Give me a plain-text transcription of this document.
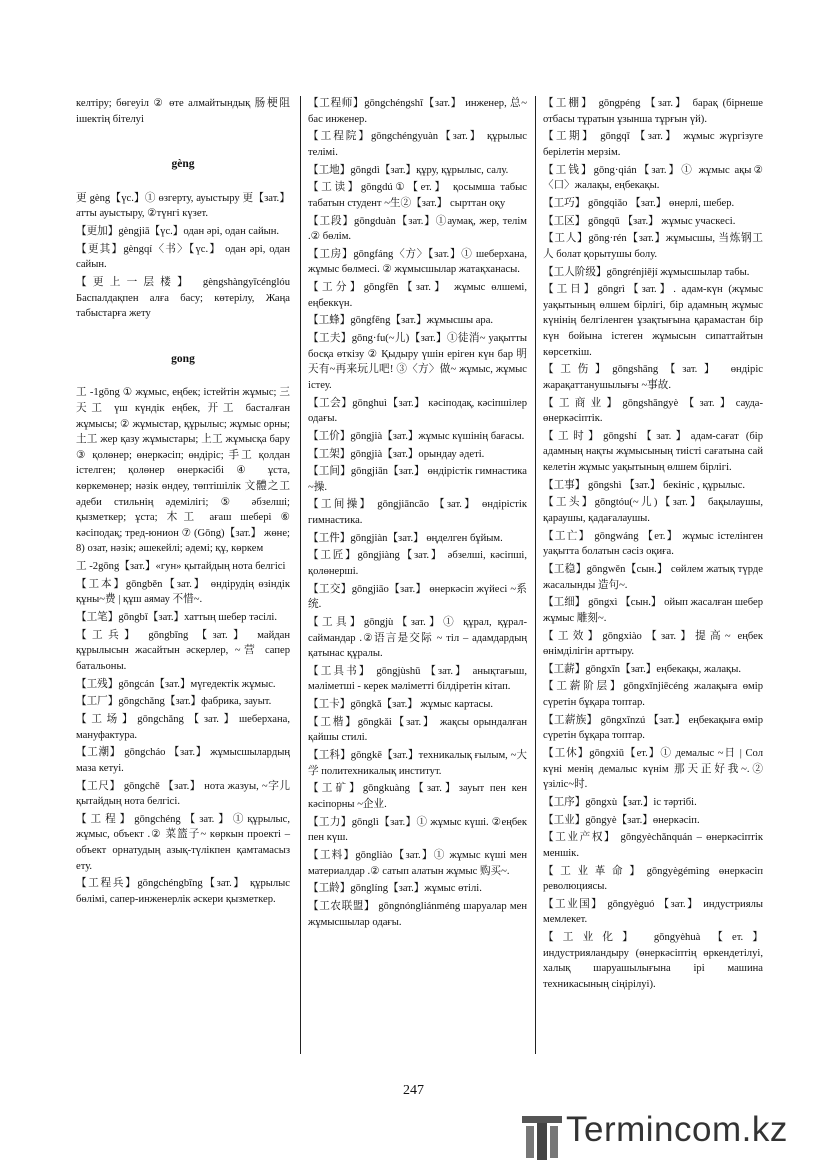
келтіру; бөгеуіл ② өте алмайтындық 肠梗阻 ішектің бітелуі
gèng
更 gèng【үс.】① өзгерту, ауыстыру 更【зат.】 атты ауыстыру, ②түнгі күзет.
【更加】gèngjiā【үс.】одан әрі, одан сайын.
【更其】gèngqí〈书〉【үс.】 одан әрі, одан сайын.
【更上一层楼】 gèngshàngyīcénglóu Баспалдақпен алға басу; көтерілу, Жаңа табыстарға жету
gong
工 -1gōng ① жұмыс, еңбек; істейтін жұмыс; 三天工 үш күндік еңбек, 开工 басталған жұмысы; ② жұмыстар, құрылыс; жұмыс орны; 土工 жер қазу жұмыстары; 上工 жұмысқа бару ③ қолөнер; өнеркәсіп; өндіріс; 手工 қолдан істелген; қолөнер өнеркәсібі ④ ұста, көркемөнер; нәзік өндеу, төптішілік 文體之工 әдеби стильнің әдемілігі; ⑤ әбзелші; қызметкер; ұста; 木工 ағаш шебері ⑥ кәсіподақ; тред-юнион ⑦ (Gōng)【зат.】 жөне; 8) озат, нәзік; әшекейлі; әдемі; құ, көркем
工 -2gōng【зат.】«гун» қытайдың нота белгісі
【工本】gōngběn【зат.】 өндірудің өзіндік құны~费 | құш аямау 不惜~.
【工笔】gōngbǐ【зат.】хаттың шебер тәсілі.
【工兵】 gōngbīng 【зат.】 майдан құрылысын жасайтын әскерлер, ~营 сапер батальоны.
【工残】gōngcán【зат.】мүгедектік жұмыс.
【工厂】gōngchǎng【зат.】фабрика, зауыт.
【工场】gōngchǎng【зат.】шеберхана, мануфактура.
【工潮】 gōngcháo 【зат.】 жұмысшылардың маза кетуі.
【工尺】 gōngchě 【зат.】 нота жазуы, ~字儿 қытайдың нота белгісі.
【工程】gōngchéng【зат.】①құрылыс, жұмыс, объект .② 菜篮子~ көркын проекті – объект орнатудың азық-түлікпен қамтамасыз ету.
【工程兵】gōngchéngbīng【зат.】 құрылыс бөлімі, сапер-инженерлік әскери қызметкер.
【工程师】gōngchéngshī【зат.】 инженер, 总~ бас инженер.
【工程院】gōngchéngyuàn【зат.】 құрылыс телімі.
【工地】gōngdì【зат.】құру, құрылыс, салу.
【工读】gōngdú①【ет.】 қосымша табыс табатын студент ~生②【зат.】 сырттан оқу
【工段】gōngduàn【зат.】①аумақ, жер, телім .② бөлім.
【工房】gōngfáng〈方〉【зат.】① шеберхана, жұмыс бөлмесі. ② жұмысшылар жатақханасы.
【工分】gōngfēn【зат.】 жұмыс өлшемі, еңбеккүн.
【工蜂】gōngfēng【зат.】жұмысшы ара.
【工夫】gōng·fu(~儿)【зат.】①徒消~ уақытты босқа өткізу ② Қыдыру үшін еріген күн бар 明天有~再来玩儿吧! ③〈方〉做~ жұмыс, жұмыс істеу.
【工会】gōnghuì【зат.】 кәсіподақ, кәсіпшілер одағы.
【工价】gōngjià【зат.】жұмыс күшінің бағасы.
【工架】gōngjià【зат.】орындау әдеті.
【工间】gōngjiān【зат.】 өндірістік гимнастика ~操.
【工间操】 gōngjiāncāo 【зат.】 өндірістік гимнастика.
【工件】gōngjiàn【зат.】 өңделген бұйым.
【工匠】gōngjiàng【зат.】 әбзелші, кәсіпші, қолөнерші.
【工交】gōngjiāo【зат.】 өнеркәсіп жүйесі ~系统.
【工具】gōngjù【зат.】① құрал, құрал-саймандар .②语言是交际 ~ тіл – адамдардың қатынас құралы.
【工具书】 gōngjùshū 【зат.】 анықтағыш, мәліметші - керек мәліметті білдіретін кітап.
【工卡】gōngkǎ【зат.】 жұмыс картасы.
【工楷】gōngkǎi【зат.】 жақсы орындалған қайшы стилі.
【工科】gōngkē【зат.】техникалық ғылым, ~大学 политехникалық институт.
【工矿】gōngkuàng【зат.】зауыт пен кен кәсіпорны ~企业.
【工力】gōnglì【зат.】① жұмыс күші. ②еңбек пен күш.
【工料】gōngliào【зат.】① жұмыс күші мен материалдар .② сатып алатын жұмыс 购买~.
【工龄】gōnglíng【зат.】жұмыс өтілі.
【工农联盟】 gōngnóngliánméng шаруалар мен жұмысшылар одағы.
【工棚】 gōngpéng 【зат.】 барақ (бірнеше отбасы тұратын ұзынша тұрғын үй).
【工期】 gōngqī 【зат.】 жұмыс жүргізуге берілетін мерзім.
【工钱】gōng·qián【зат.】① жұмыс ақы②〈口〉жалақы, еңбекақы.
【工巧】 gōngqiǎo 【зат.】 өнерлі, шебер.
【工区】 gōngqū 【зат.】 жұмыс учаскесі.
【工人】gōng·rén【зат.】жұмысшы, 当炼钢工人 болат қорытушы болу.
【工人阶级】gōngrénjiējí жұмысшылар табы.
【工日】gōngrì【зат.】. адам-күн (жұмыс уақытының өлшем бірлігі, бір адамның жұмыс күнінің белгіленген ұзақтығына қарамастан бір күн бойына істеген жұмысын сипаттайтын көрсеткіш.
【工伤】gōngshāng【зат.】 өндіріс жарақаттанушылығы ~事故.
【工商业】gōngshāngyè【зат.】сауда-өнеркәсіптік.
【工时】gōngshí【зат.】адам-сағат (бір адамның нақты жұмысының тиісті сағатына сай келетін жұмыс уақытының өлшем бірлігі.
【工事】 gōngshì 【зат.】 бекініс , құрылыс.
【工头】gōngtóu(~儿)【зат.】 бақылаушы, қараушы, қадағалаушы.
【工亡】 gōngwáng 【ет.】 жұмыс істелінген уақытта болатын сәсіз оқиға.
【工稳】gōngwěn【сын.】 сөйлем жатық түрде жасалынды 造句~.
【工细】 gōngxì 【сын.】 ойып жасалған шебер жұмыс 雕刻~.
【工效】gōngxiào【зат.】提高~ еңбек өнімділігін арттыру.
【工薪】gōngxīn【зат.】еңбекақы, жалақы.
【工薪阶层】gōngxīnjiēcéng жалақыға өмір сүретін бұқара топтар.
【工薪族】 gōngxīnzú 【зат.】 еңбекақыға өмір сүретін бұқара топтар.
【工休】gōngxiū【ет.】① демалыс ~日 | Сол күні менің демалыс күнім 那天正好我~.② үзіліс~时.
【工序】gōngxù【зат.】іс тәртібі.
【工业】gōngyè【зат.】өнеркәсіп.
【工业产权】 gōngyèchǎnquán – өнеркәсіптік меншік.
【工业革命】gōngyègémìng өнеркәсіп революциясы.
【工业国】 gōngyèguó 【зат.】 индустриялы мемлекет.
【工业化】 gōngyèhuà 【ет.】 индустрияландыру (өнеркәсіптің өркендетілуі, халық шаруашылығына ірі машина техникасының сіңірілуі).
247
Termincom.kz
